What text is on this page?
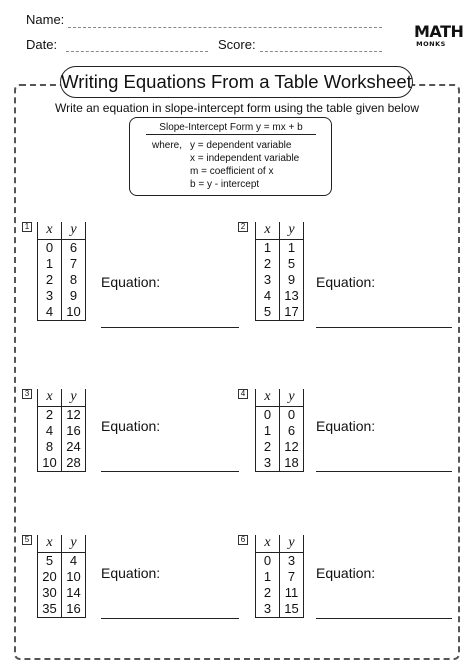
Name:
Date:	Score:
MATH
MONKS
Writing Equations From a Table Worksheet
Write an equation in slope-intercept form using the table given below
Slope-Intercept Form y = mx + b
where, y = dependent variable
x = independent variable
m = coefficient of x
b = y - intercept
1 x	y
0	6
1	7
2	8
3	9
4	10
Equation:
2 x	y
1	1
2	5
3	9
4	13
5	17
Equation:
3 x	y
2	12
4	16
8	24
10	28
Equation:
4 x	y
0	0
1	6
2	12
3	18
Equation:
5 x	y
5	4
20	10
30	14
35	16
Equation:
6 x	y
0	3
1	7
2	11
3	15
Equation:
